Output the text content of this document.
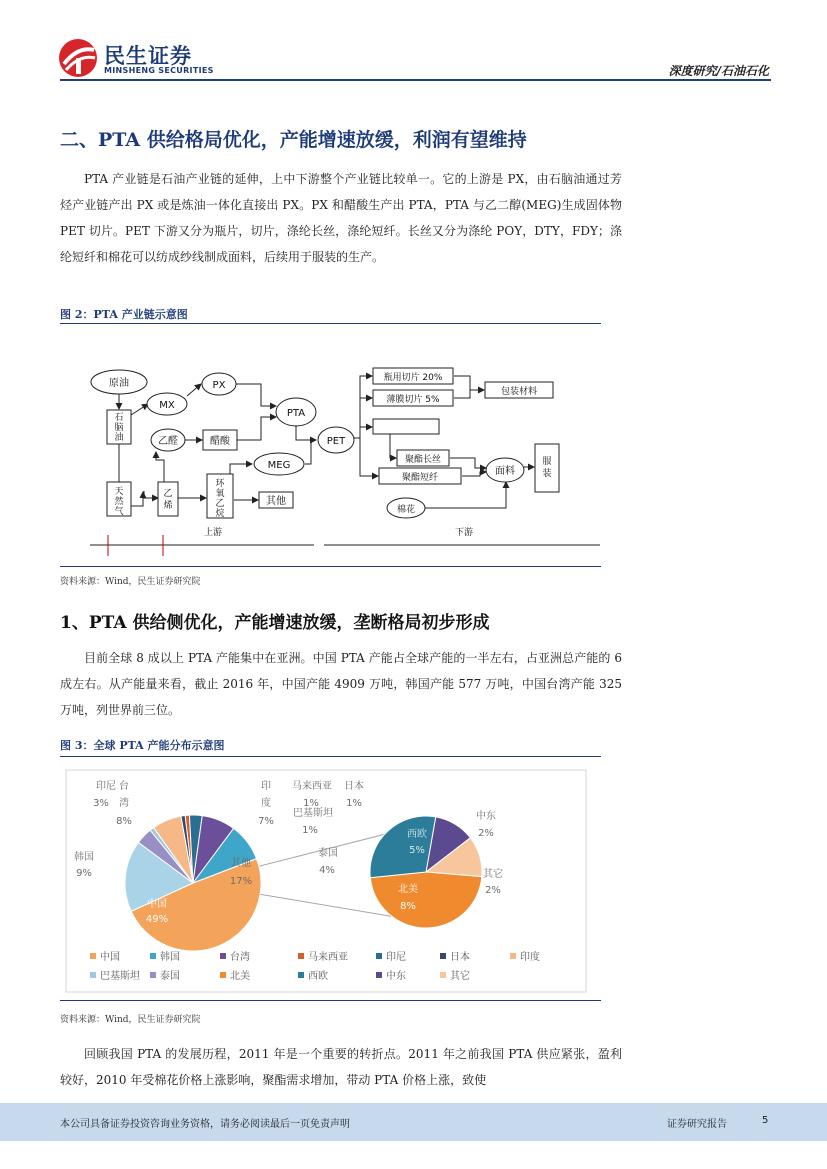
民生证券
MINSHENG SECURITIES	深度研究/石油石化
二、PTA 供给格局优化，产能增速放缓，利润有望维持
PTA 产业链是石油产业链的延伸，上中下游整个产业链比较单一。它的上游是 PX，由石脑油通过芳烃产业链产出 PX 或是炼油一体化直接出 PX。PX 和醋酸生产出 PTA，PTA 与乙二醇(MEG)生成固体物 PET 切片。PET 下游又分为瓶片，切片，涤纶长丝，涤纶短纤。长丝又分为涤纶 POY，DTY，FDY；涤纶短纤和棉花可以纺成纱线制成面料，后续用于服装的生产。
图 2：PTA 产业链示意图
原油
石
脑
油
MX
PX
乙醛	醋酸
PTA
MEG
PET
天
然
气
乙
烯
环
氧
乙
烷
其他
瓶用切片 20%
薄膜切片 5%
包装材料
聚酯长丝
聚酯短纤
面料
服
装
棉花
上游	下游
资料来源：Wind，民生证券研究院
1、PTA 供给侧优化，产能增速放缓，垄断格局初步形成
目前全球 8 成以上 PTA 产能集中在亚洲。中国 PTA 产能占全球产能的一半左右，占亚洲总产能的 6 成左右。从产能量来看，截止 2016 年，中国产能 4909 万吨，韩国产能 577 万吨，中国台湾产能 325 万吨，列世界前三位。
图 3：全球 PTA 产能分布示意图
中国
49%
其他
17%
韩国
9%
印尼
3%
台
湾
8%
印
度
7%
马来西亚
1%
日本
1%
巴基斯坦
1%
泰国
4%
中东
2%
其它
2%
北美
8%
西欧
5%
中国	韩国	台湾	马来西亚	印尼	日本	印度
巴基斯坦 泰国	北美	西欧	中东	其它
资料来源：Wind，民生证券研究院
回顾我国 PTA 的发展历程，2011 年是一个重要的转折点。2011 年之前我国 PTA 供应紧张，盈利较好，2010 年受棉花价格上涨影响，聚酯需求增加，带动 PTA 价格上涨，致使
本公司具备证券投资咨询业务资格，请务必阅读最后一页免责声明	证券研究报告	5
